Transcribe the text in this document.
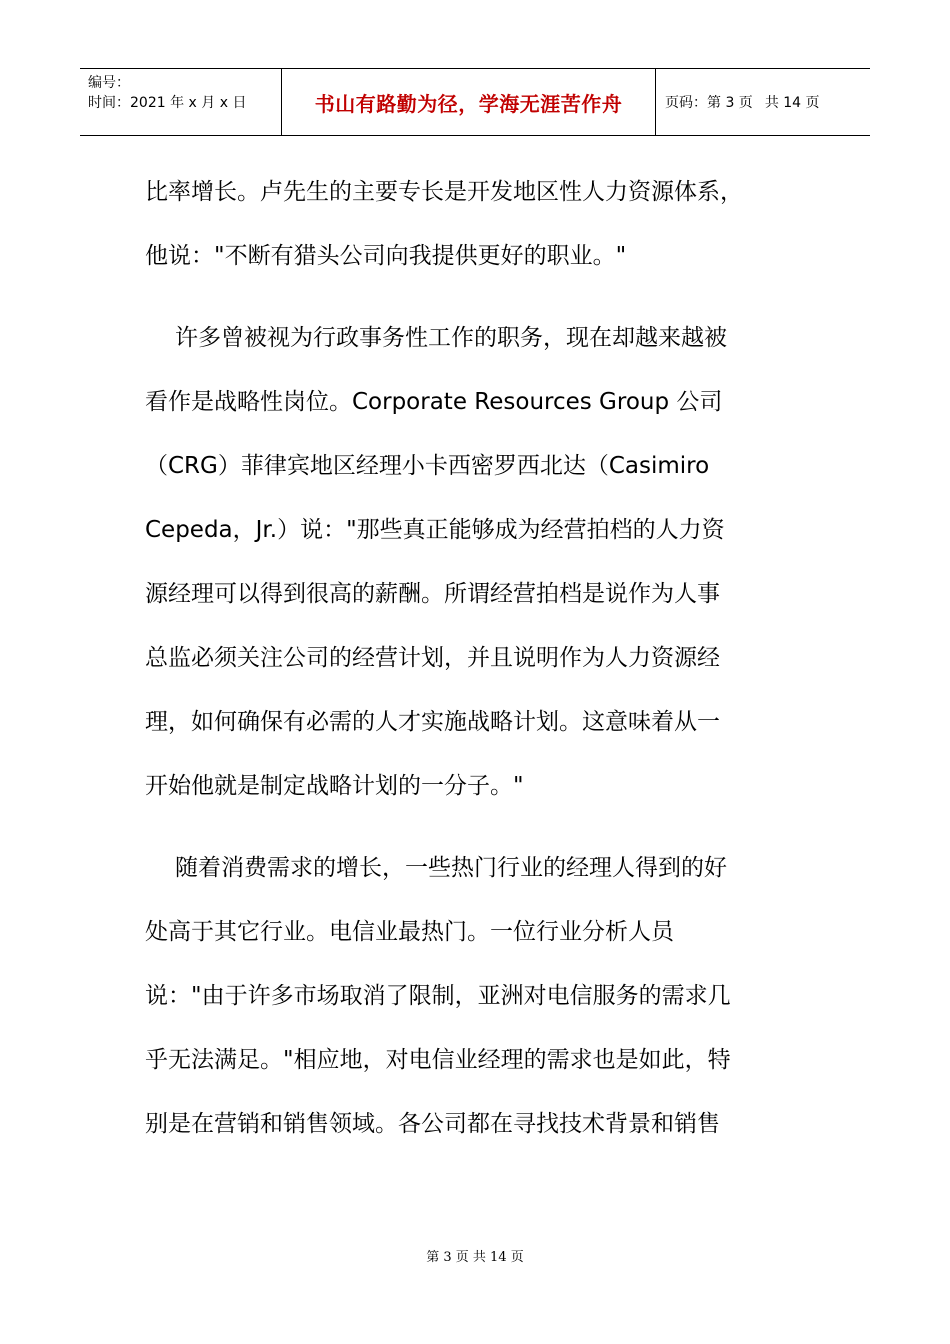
编号：
时间：2021 年 x 月 x 日	书山有路勤为径，学海无涯苦作舟	页码：第 3 页 共 14 页
比率增长。卢先生的主要专长是开发地区性人力资源体系，
他说："不断有猎头公司向我提供更好的职业。"
许多曾被视为行政事务性工作的职务，现在却越来越被
看作是战略性岗位。Corporate Resources Group 公司
（CRG）菲律宾地区经理小卡西密罗西北达（Casimiro
Cepeda，Jr.）说："那些真正能够成为经营拍档的人力资
源经理可以得到很高的薪酬。所谓经营拍档是说作为人事
总监必须关注公司的经营计划，并且说明作为人力资源经
理，如何确保有必需的人才实施战略计划。这意味着从一
开始他就是制定战略计划的一分子。"
随着消费需求的增长，一些热门行业的经理人得到的好
处高于其它行业。电信业最热门。一位行业分析人员
说："由于许多市场取消了限制，亚洲对电信服务的需求几
乎无法满足。"相应地，对电信业经理的需求也是如此，特
别是在营销和销售领域。各公司都在寻找技术背景和销售
第 3 页 共 14 页
